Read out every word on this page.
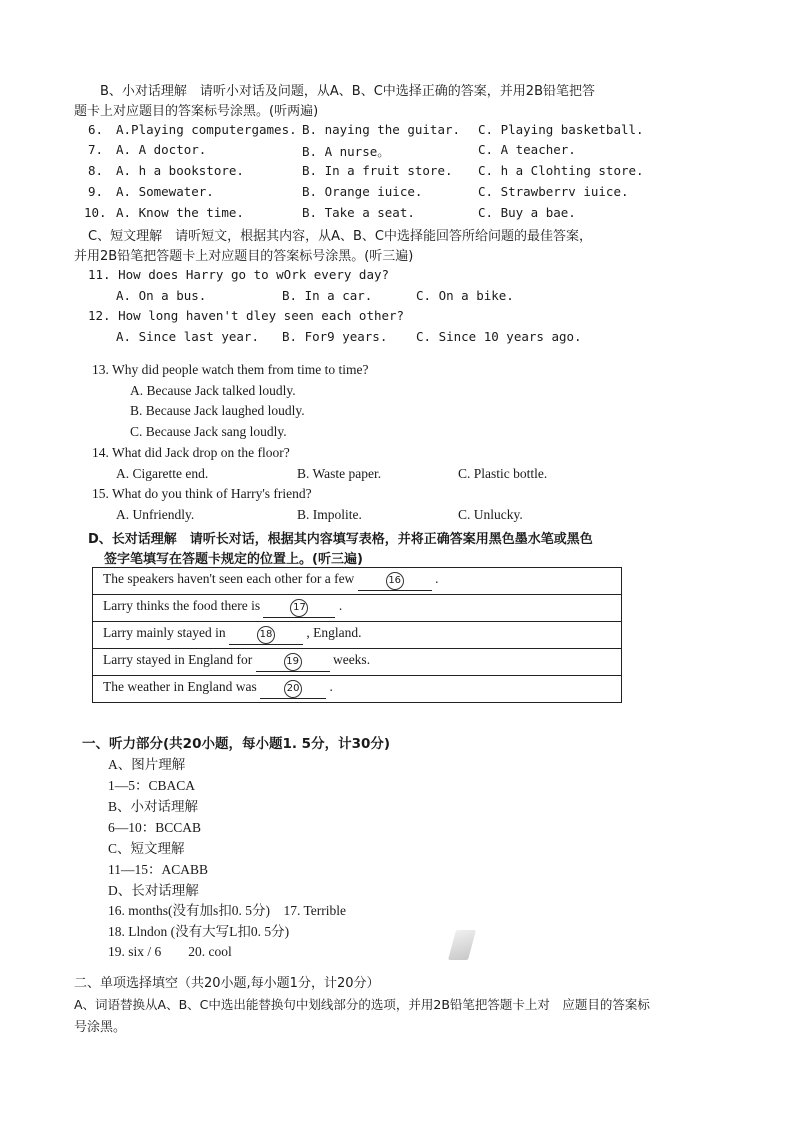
B、小对话理解　请听小对话及问题，从A、B、C中选择正确的答案，并用2B铅笔把答
题卡上对应题目的答案标号涂黑。(听两遍)
6. A.Playing computergames. B. naying the guitar. C. Playing basketball.
7. A. A doctor.	B. A nurse。	C. A teacher.
8. A. h a bookstore.	B. In a fruit store. C. h a Clohting store.
9. A. Somewater.	B. Orange iuice.	C. Strawberrv iuice.
10. A. Know the time.	B. Take a seat.	C. Buy a bae.
C、短文理解　请听短文，根据其内容，从A、B、C中选择能回答所给问题的最佳答案，
并用2B铅笔把答题卡上对应题目的答案标号涂黑。(听三遍)
11. How does Harry go to wOrk every day?
A. On a bus.	B. In a car.	C. On a bike.
12. How long haven't dley seen each other?
A. Since last year. B. For9 years. C. Since 10 years ago.
13. Why did people watch them from time to time?
A. Because Jack talked loudly.
B. Because Jack laughed loudly.
C. Because Jack sang loudly.
14. What did Jack drop on the floor?
A. Cigarette end.	B. Waste paper.	C. Plastic bottle.
15. What do you think of Harry's friend?
A. Unfriendly.	B. Impolite.	C. Unlucky.
D、长对话理解　请听长对话，根据其内容填写表格，并将正确答案用黑色墨水笔或黑色
签字笔填写在答题卡规定的位置上。(听三遍)
The speakers haven't seen each other for a few	16	.
Larry thinks the food there is	17 .
Larry mainly stayed in	18	, England.
Larry stayed in England for	19	weeks.
The weather in England was	20 .
一、听力部分(共20小题，每小题1. 5分，计30分)
A、图片理解
1—5：CBACA
B、小对话理解
6—10：BCCAB
C、短文理解
11—15：ACABB
D、长对话理解
16. months(没有加s扣0. 5分)　17. Terrible
18. Llndon (没有大写L扣0. 5分)
19. six / 6　　20. cool
二、单项选择填空（共20小题,每小题1分，计20分）
A、词语替换从A、B、C中选出能替换句中划线部分的选项，并用2B铅笔把答题卡上对　应题目的答案标
号涂黑。
